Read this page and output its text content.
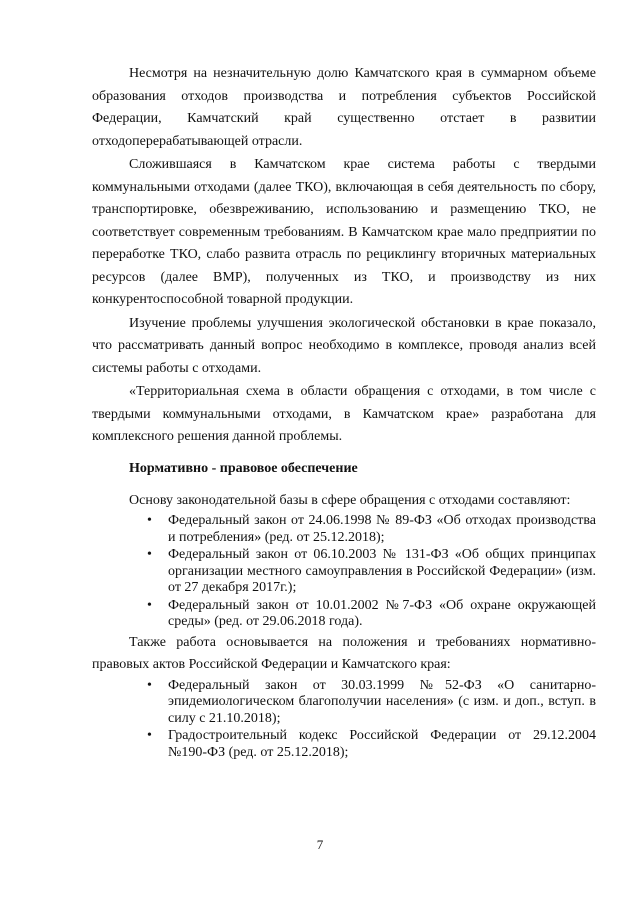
Несмотря на незначительную долю Камчатского края в суммарном объеме образования отходов производства и потребления субъектов Российской Федерации, Камчатский край существенно отстает в развитии отходоперерабатывающей отрасли.

Сложившаяся в Камчатском крае система работы с твердыми коммунальными отходами (далее ТКО), включающая в себя деятельность по сбору, транспортировке, обезвреживанию, использованию и размещению ТКО, не соответствует современным требованиям. В Камчатском крае мало предприятии по переработке ТКО, слабо развита отрасль по рециклингу вторичных материальных ресурсов (далее ВМР), полученных из ТКО, и производству из них конкурентоспособной товарной продукции.

Изучение проблемы улучшения экологической обстановки в крае показало, что рассматривать данный вопрос необходимо в комплексе, проводя анализ всей системы работы с отходами.

«Территориальная схема в области обращения с отходами, в том числе с твердыми коммунальными отходами, в Камчатском крае» разработана для комплексного решения данной проблемы.

Нормативно - правовое обеспечение

Основу законодательной базы в сфере обращения с отходами составляют:

• Федеральный закон от 24.06.1998 № 89-ФЗ «Об отходах производства и потребления» (ред. от 25.12.2018);
• Федеральный закон от 06.10.2003 № 131-ФЗ «Об общих принципах организации местного самоуправления в Российской Федерации» (изм. от 27 декабря 2017г.);
• Федеральный закон от 10.01.2002 №7-ФЗ «Об охране окружающей среды» (ред. от 29.06.2018 года).

Также работа основывается на положения и требованиях нормативно-правовых актов Российской Федерации и Камчатского края:

• Федеральный закон от 30.03.1999 №52-ФЗ «О санитарно-эпидемиологическом благополучии населения» (с изм. и доп., вступ. в силу с 21.10.2018);
• Градостроительный кодекс Российской Федерации от 29.12.2004 №190-ФЗ (ред. от 25.12.2018);
7
